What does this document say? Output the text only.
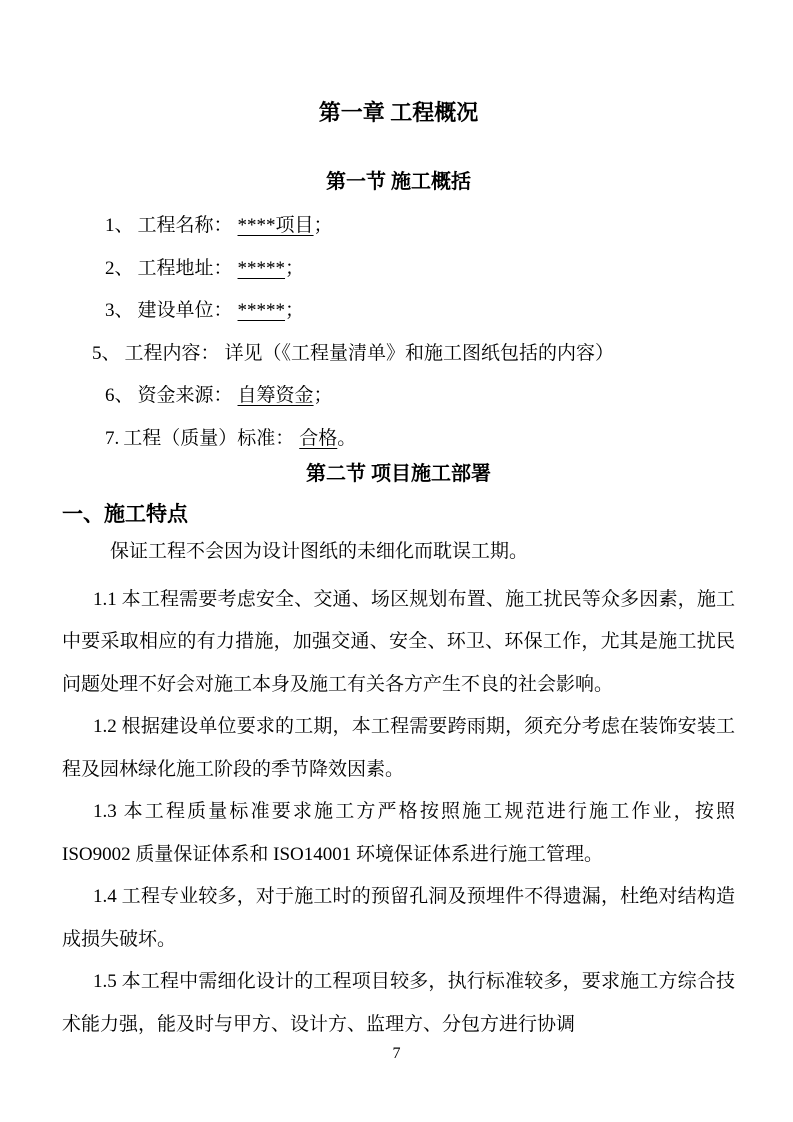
第一章 工程概况
第一节 施工概括

1、 工程名称： ****项目；

2、 工程地址： *****；

3、 建设单位： *****；

5、 工程内容： 详见（《工程量清单》和施工图纸包括的内容）

6、 资金来源： 自筹资金；

7. 工程（质量）标准： 合格。

第二节 项目施工部署
一、施工特点

保证工程不会因为设计图纸的未细化而耽误工期。

1.1 本工程需要考虑安全、交通、场区规划布置、施工扰民等众多因素，施工中要采取相应的有力措施，加强交通、安全、环卫、环保工作，尤其是施工扰民问题处理不好会对施工本身及施工有关各方产生不良的社会影响。

1.2 根据建设单位要求的工期，本工程需要跨雨期，须充分考虑在装饰安装工程及园林绿化施工阶段的季节降效因素。

1.3 本工程质量标准要求施工方严格按照施工规范进行施工作业，按照 ISO9002 质量保证体系和 ISO14001 环境保证体系进行施工管理。

1.4 工程专业较多，对于施工时的预留孔洞及预埋件不得遗漏，杜绝对结构造成损失破坏。

1.5 本工程中需细化设计的工程项目较多，执行标准较多，要求施工方综合技术能力强，能及时与甲方、设计方、监理方、分包方进行协调

7
